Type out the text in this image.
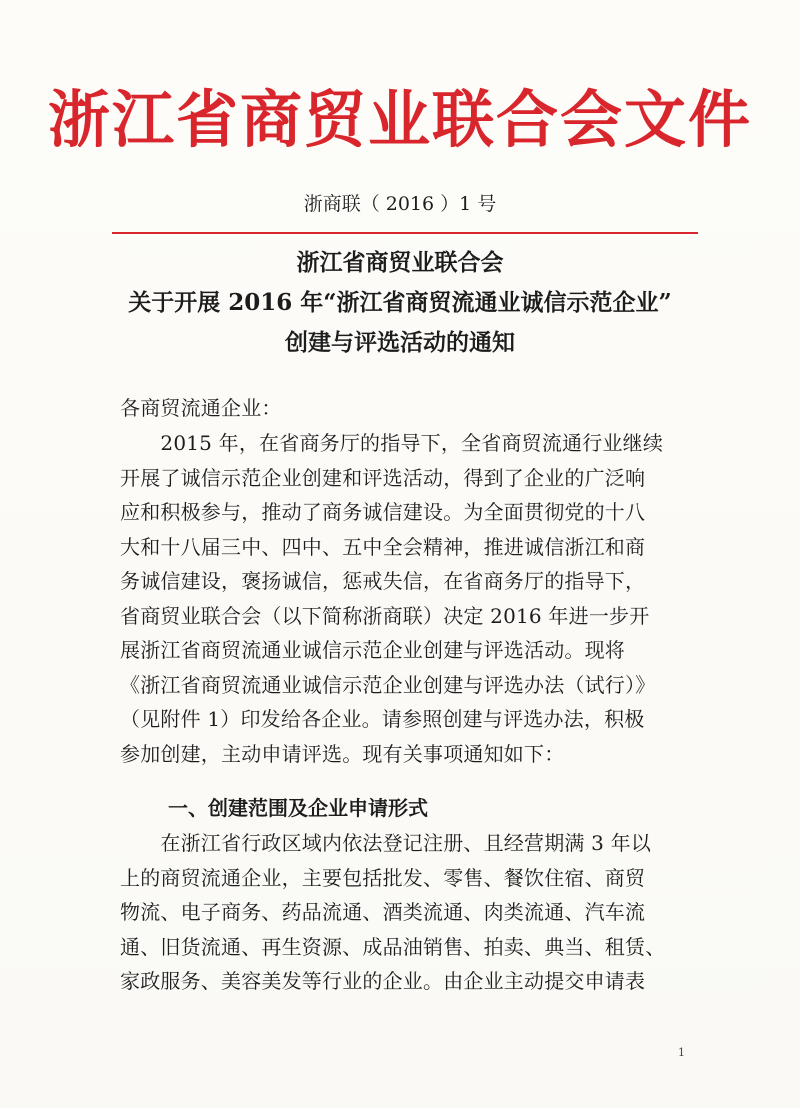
浙江省商贸业联合会文件
浙商联（ 2016 ）1 号
浙江省商贸业联合会
关于开展 2016 年“浙江省商贸流通业诚信示范企业”
创建与评选活动的通知
各商贸流通企业：
　　2015 年，在省商务厅的指导下，全省商贸流通行业继续
开展了诚信示范企业创建和评选活动，得到了企业的广泛响
应和积极参与，推动了商务诚信建设。为全面贯彻党的十八
大和十八届三中、四中、五中全会精神，推进诚信浙江和商
务诚信建设，褒扬诚信，惩戒失信，在省商务厅的指导下，
省商贸业联合会（以下简称浙商联）决定 2016 年进一步开
展浙江省商贸流通业诚信示范企业创建与评选活动。现将
《浙江省商贸流通业诚信示范企业创建与评选办法（试行）》
（见附件 1）印发给各企业。请参照创建与评选办法，积极
参加创建，主动申请评选。现有关事项通知如下：
一、创建范围及企业申请形式
　　在浙江省行政区域内依法登记注册、且经营期满 3 年以
上的商贸流通企业，主要包括批发、零售、餐饮住宿、商贸
物流、电子商务、药品流通、酒类流通、肉类流通、汽车流
通、旧货流通、再生资源、成品油销售、拍卖、典当、租赁、
家政服务、美容美发等行业的企业。由企业主动提交申请表
1
